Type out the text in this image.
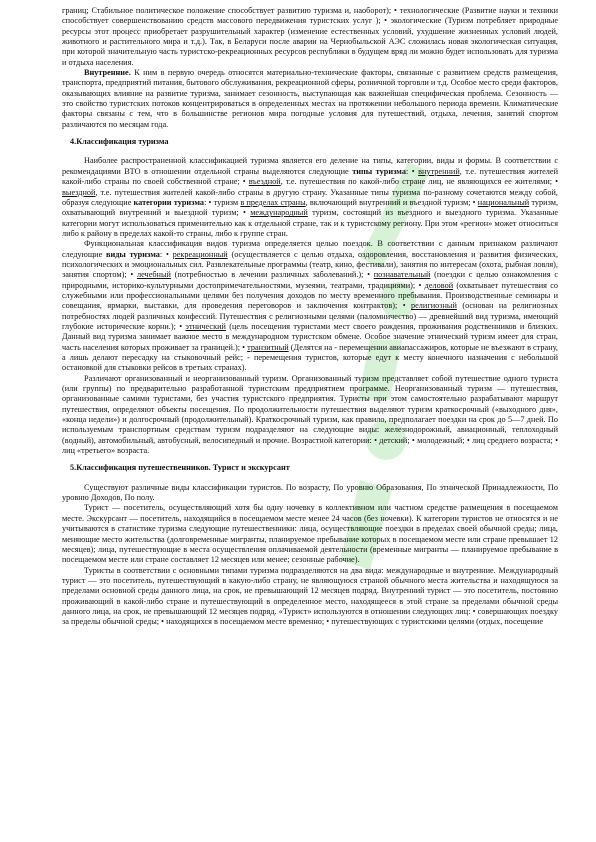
границ; Стабильное политическое положение способствует развитию туризма и, наоборот); • технологические (Развитие науки и техники способствует совершенствованию средств массового передвижения туристских услуг ); • экологические (Туризм потребляет природные ресурсы этот процесс приобретает разрушительный характер (изменение естественных условий, ухудшение жизненных условий людей, животного и растительного мира и т.д.). Так, в Беларуси после аварии на Чернобыльской АЭС сложилась новая экологическая ситуация, при которой значительную часть туристско-рекреационных ресурсов республики в будущем вряд ли можно будет использовать для туризма и отдыха населения.

Внутренние. К ним в первую очередь относятся материально-технические факторы, связанные с развитием средств размещения, транспорта, предприятий питания, бытового обслуживания, рекреационной сферы, розничной торговли и т.д. Особое место среди факторов, оказывающих влияние на развитие туризма, занимает сезонность, выступающая как важнейшая специфическая проблема. Сезонность — это свойство туристских потоков концентрироваться в определенных местах на протяжении небольшого периода времени. Климатические факторы связаны с тем, что в большинстве регионов мира погодные условия для путешествий, отдыха, лечения, занятий спортом различаются по месяцам года.

4.Классификация туризма

Наиболее распространенной классификацией туризма является его деление на типы, категории, виды и формы. В соответствии с рекомендациями ВТО в отношении отдельной страны выделяются следующие типы туризма: • внутренний, т.е. путешествия жителей какой-либо страны по своей собственной стране; • въездной, т.е. путешествия по какой-либо стране лиц, не являющихся ее жителями; • выездной, т.е. путешествия жителей какой-либо страны в другую страну. Указанные типы туризма по-разному сочетаются между собой, образуя следующие категории туризма: • туризм в пределах страны, включающий внутренний и въездной туризм; • национальный туризм, охватывающий внутренний и выездной туризм; • международный туризм, состоящий из въездного и выездного туризма. Указанные категории могут использоваться применительно как к отдельной стране, так и к туристскому региону. При этом «регион» может относиться либо к району в пределах какой-то страны, либо к группе стран.

Функциональная классификация видов туризма определяется целью поездок. В соответствии с данным признаком различают следующие виды туризма: • рекреационный (осуществляется с целью отдыха, оздоровления, восстановления и развития физических, психологических и эмоциональных сил. Развлекательные программы (театр, кино, фестивали), занятия по интересам (охота, рыбная ловля), занятия спортом); • лечебный (потребностью в лечении различных заболеваний.); • познавательный (поездки с целью ознакомления с природными, историко-культурными достопримечательностями, музеями, театрами, традициями); • деловой (охватывает путешествия со служебными или профессиональными целями без получения доходов по месту временного пребывания. Производственные семинары и совещания, ярмарки, выставки, для проведения переговоров и заключения контрактов); • религиозный (основан на религиозных потребностях людей различных конфессий. Путешествия с религиозными целями (паломничество) — древнейший вид туризма, имеющий глубокие исторические корни.); • этнический (цель посещения туристами мест своего рождения, проживания родственников и близких. Данный вид туризма занимает важное место в международном туристском обмене. Особое значение этнический туризм имеет для стран, часть населения которых проживает за границей.); • транзитный (Делятся на - перемещении авиапассажиров, которые не въезжают в страну, а лишь делают пересадку на стыковочный рейс; - перемещения туристов, которые едут к месту конечного назначения с небольшой остановкой для стыковки рейсов в третьих странах).

Различают организованный и неорганизованный туризм. Организованный туризм представляет собой путешествие одного туриста (или группы) по предварительно разработанной туристским предприятием программе. Неорганизованный туризм — путешествия, организованные самими туристами, без участия туристского предприятия. Туристы при этом самостоятельно разрабатывают маршрут путешествия, определяют объекты посещения. По продолжительности путешествия выделяют туризм краткосрочный («выходного дня», «конца недели») и долгосрочный (продолжительный). Краткосрочный туризм, как правило, предполагает поездки на срок до 5—7 дней. По используемым транспортным средствам туризм подразделяют на следующие виды: железнодорожный, авиационный, теплоходный (водный), автомобильный, автобусный, велосипедный и прочие. Возрастной категории: • детский; • молодежный; • лиц среднего возраста; • лиц «третьего» возраста.

5.Классификация путешественников. Турист и экскурсант

Существуют различные виды классификации туристов. По возрасту, По уровню Образования, По этнической Принадлежности, По уровню Доходов, По полу.

Турист — посетитель, осуществляющий хотя бы одну ночевку в коллективном или частном средстве размещения в посещаемом месте. Экскурсант — посетитель, находящийся в посещаемом месте менее 24 часов (без ночевки). К категории туристов не относятся и не учитываются в статистике туризма следующие путешественники: лица, осуществляющие поездки в пределах своей обычной среды; лица, меняющие место жительства (долговременные мигранты, планируемое пребывание которых в посещаемом месте или стране превышает 12 месяцев); лица, путешествующие в места осуществления оплачиваемой деятельности (временные мигранты — планируемое пребывание в посещаемом месте или стране составляет 12 месяцев или менее; сезонные рабочие).

Туристы в соответствии с основными типами туризма подразделяются на два вида: международные и внутренние. Международный турист — это посетитель, путешествующий в какую-либо страну, не являющуюся страной обычного места жительства и находящуюся за пределами основной среды данного лица, на срок, не превышающий 12 месяцев подряд. Внутренний турист — это посетитель, постоянно проживающий в какой-либо стране и путешествующий в определенное место, находящееся в этой стране за пределами обычной среды данного лица, на срок, не превышающий 12 месяцев подряд. «Турист» используются в отношении следующих лиц: • совершающих поездку за пределы обычной среды; • находящихся в посещаемом месте временно; • путешествующих с туристскими целями (отдых, посещение
